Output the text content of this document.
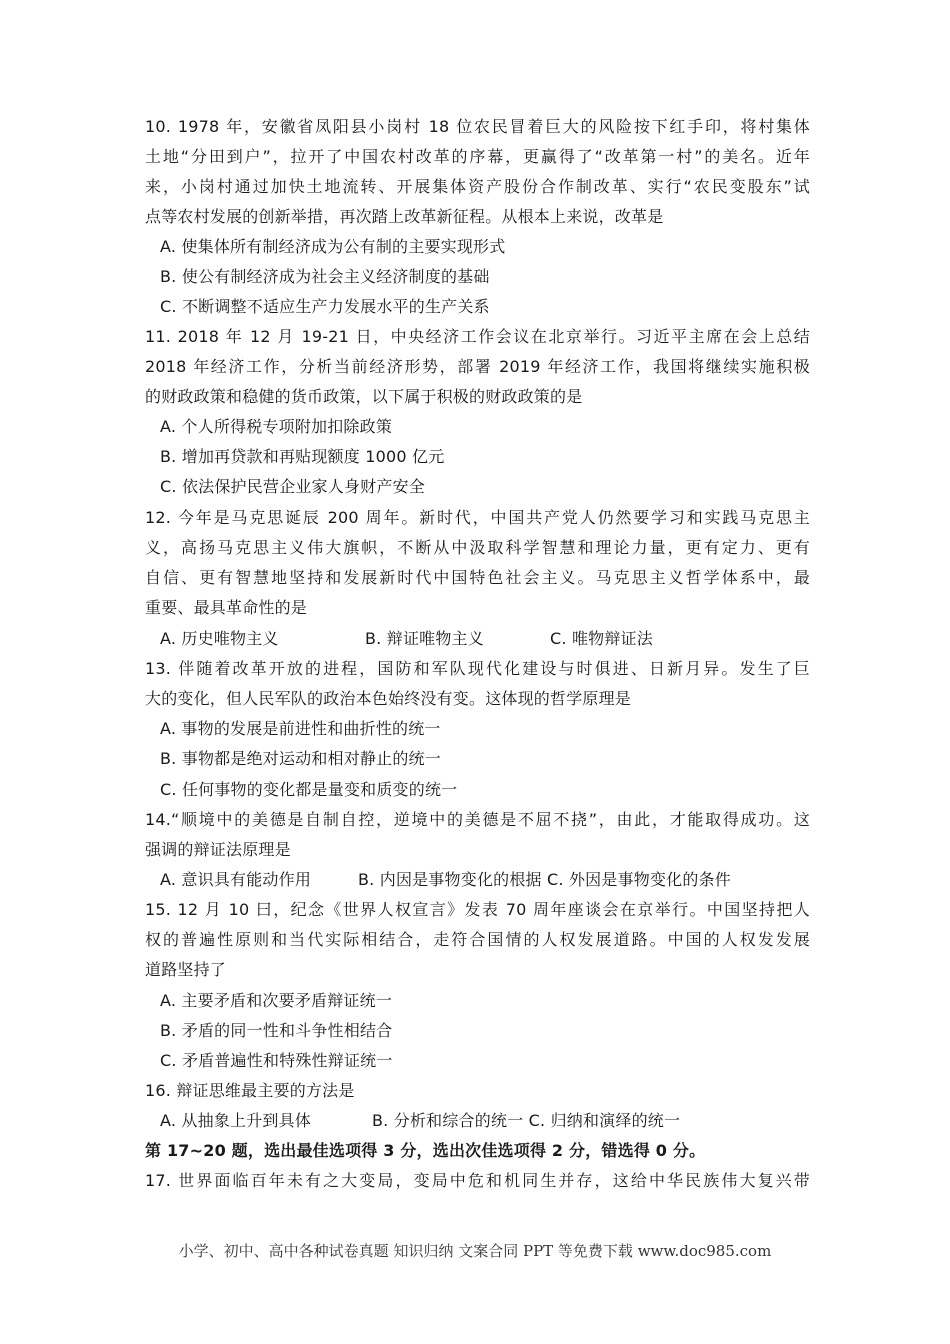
10. 1978 年，安徽省凤阳县小岗村 18 位农民冒着巨大的风险按下红手印，将村集体
土地“分田到户”，拉开了中国农村改革的序幕，更赢得了“改革第一村”的美名。近年
来，小岗村通过加快土地流转、开展集体资产股份合作制改革、实行“农民变股东”试
点等农村发展的创新举措，再次踏上改革新征程。从根本上来说，改革是
A. 使集体所有制经济成为公有制的主要实现形式
B. 使公有制经济成为社会主义经济制度的基础
C. 不断调整不适应生产力发展水平的生产关系
11. 2018 年 12 月 19-21 日，中央经济工作会议在北京举行。习近平主席在会上总结
2018 年经济工作，分析当前经济形势，部署 2019 年经济工作，我国将继续实施积极
的财政政策和稳健的货币政策，以下属于积极的财政政策的是
A. 个人所得税专项附加扣除政策
B. 增加再贷款和再贴现额度 1000 亿元
C. 依法保护民营企业家人身财产安全
12. 今年是马克思诞辰 200 周年。新时代，中国共产党人仍然要学习和实践马克思主
义，高扬马克思主义伟大旗帜，不断从中汲取科学智慧和理论力量，更有定力、更有
自信、更有智慧地坚持和发展新时代中国特色社会主义。马克思主义哲学体系中，最
重要、最具革命性的是
A. 历史唯物主义	B. 辩证唯物主义	C. 唯物辩证法
13. 伴随着改革开放的进程，国防和军队现代化建设与时俱进、日新月异。发生了巨
大的变化，但人民军队的政治本色始终没有变。这体现的哲学原理是
A. 事物的发展是前进性和曲折性的统一
B. 事物都是绝对运动和相对静止的统一
C. 任何事物的变化都是量变和质变的统一
14.“顺境中的美德是自制自控，逆境中的美德是不屈不挠”，由此，才能取得成功。这
强调的辩证法原理是
A. 意识具有能动作用	B. 内因是事物变化的根据 C. 外因是事物变化的条件
15. 12 月 10 曰，纪念《世界人权宣言》发表 70 周年座谈会在京举行。中国坚持把人
权的普遍性原则和当代实际相结合，走符合国情的人权发展道路。中国的人权发发展
道路坚持了
A. 主要矛盾和次要矛盾辩证统一
B. 矛盾的同一性和斗争性相结合
C. 矛盾普遍性和特殊性辩证统一
16. 辩证思维最主要的方法是
A. 从抽象上升到具体	B. 分析和综合的统一 C. 归纳和演绎的统一
第 17~20 题，选出最佳选项得 3 分，选出次佳选项得 2 分，错选得 0 分。
17. 世界面临百年未有之大变局，变局中危和机同生并存，这给中华民族伟大复兴带
小学、初中、高中各种试卷真题 知识归纳 文案合同 PPT 等免费下载 www.doc985.com
